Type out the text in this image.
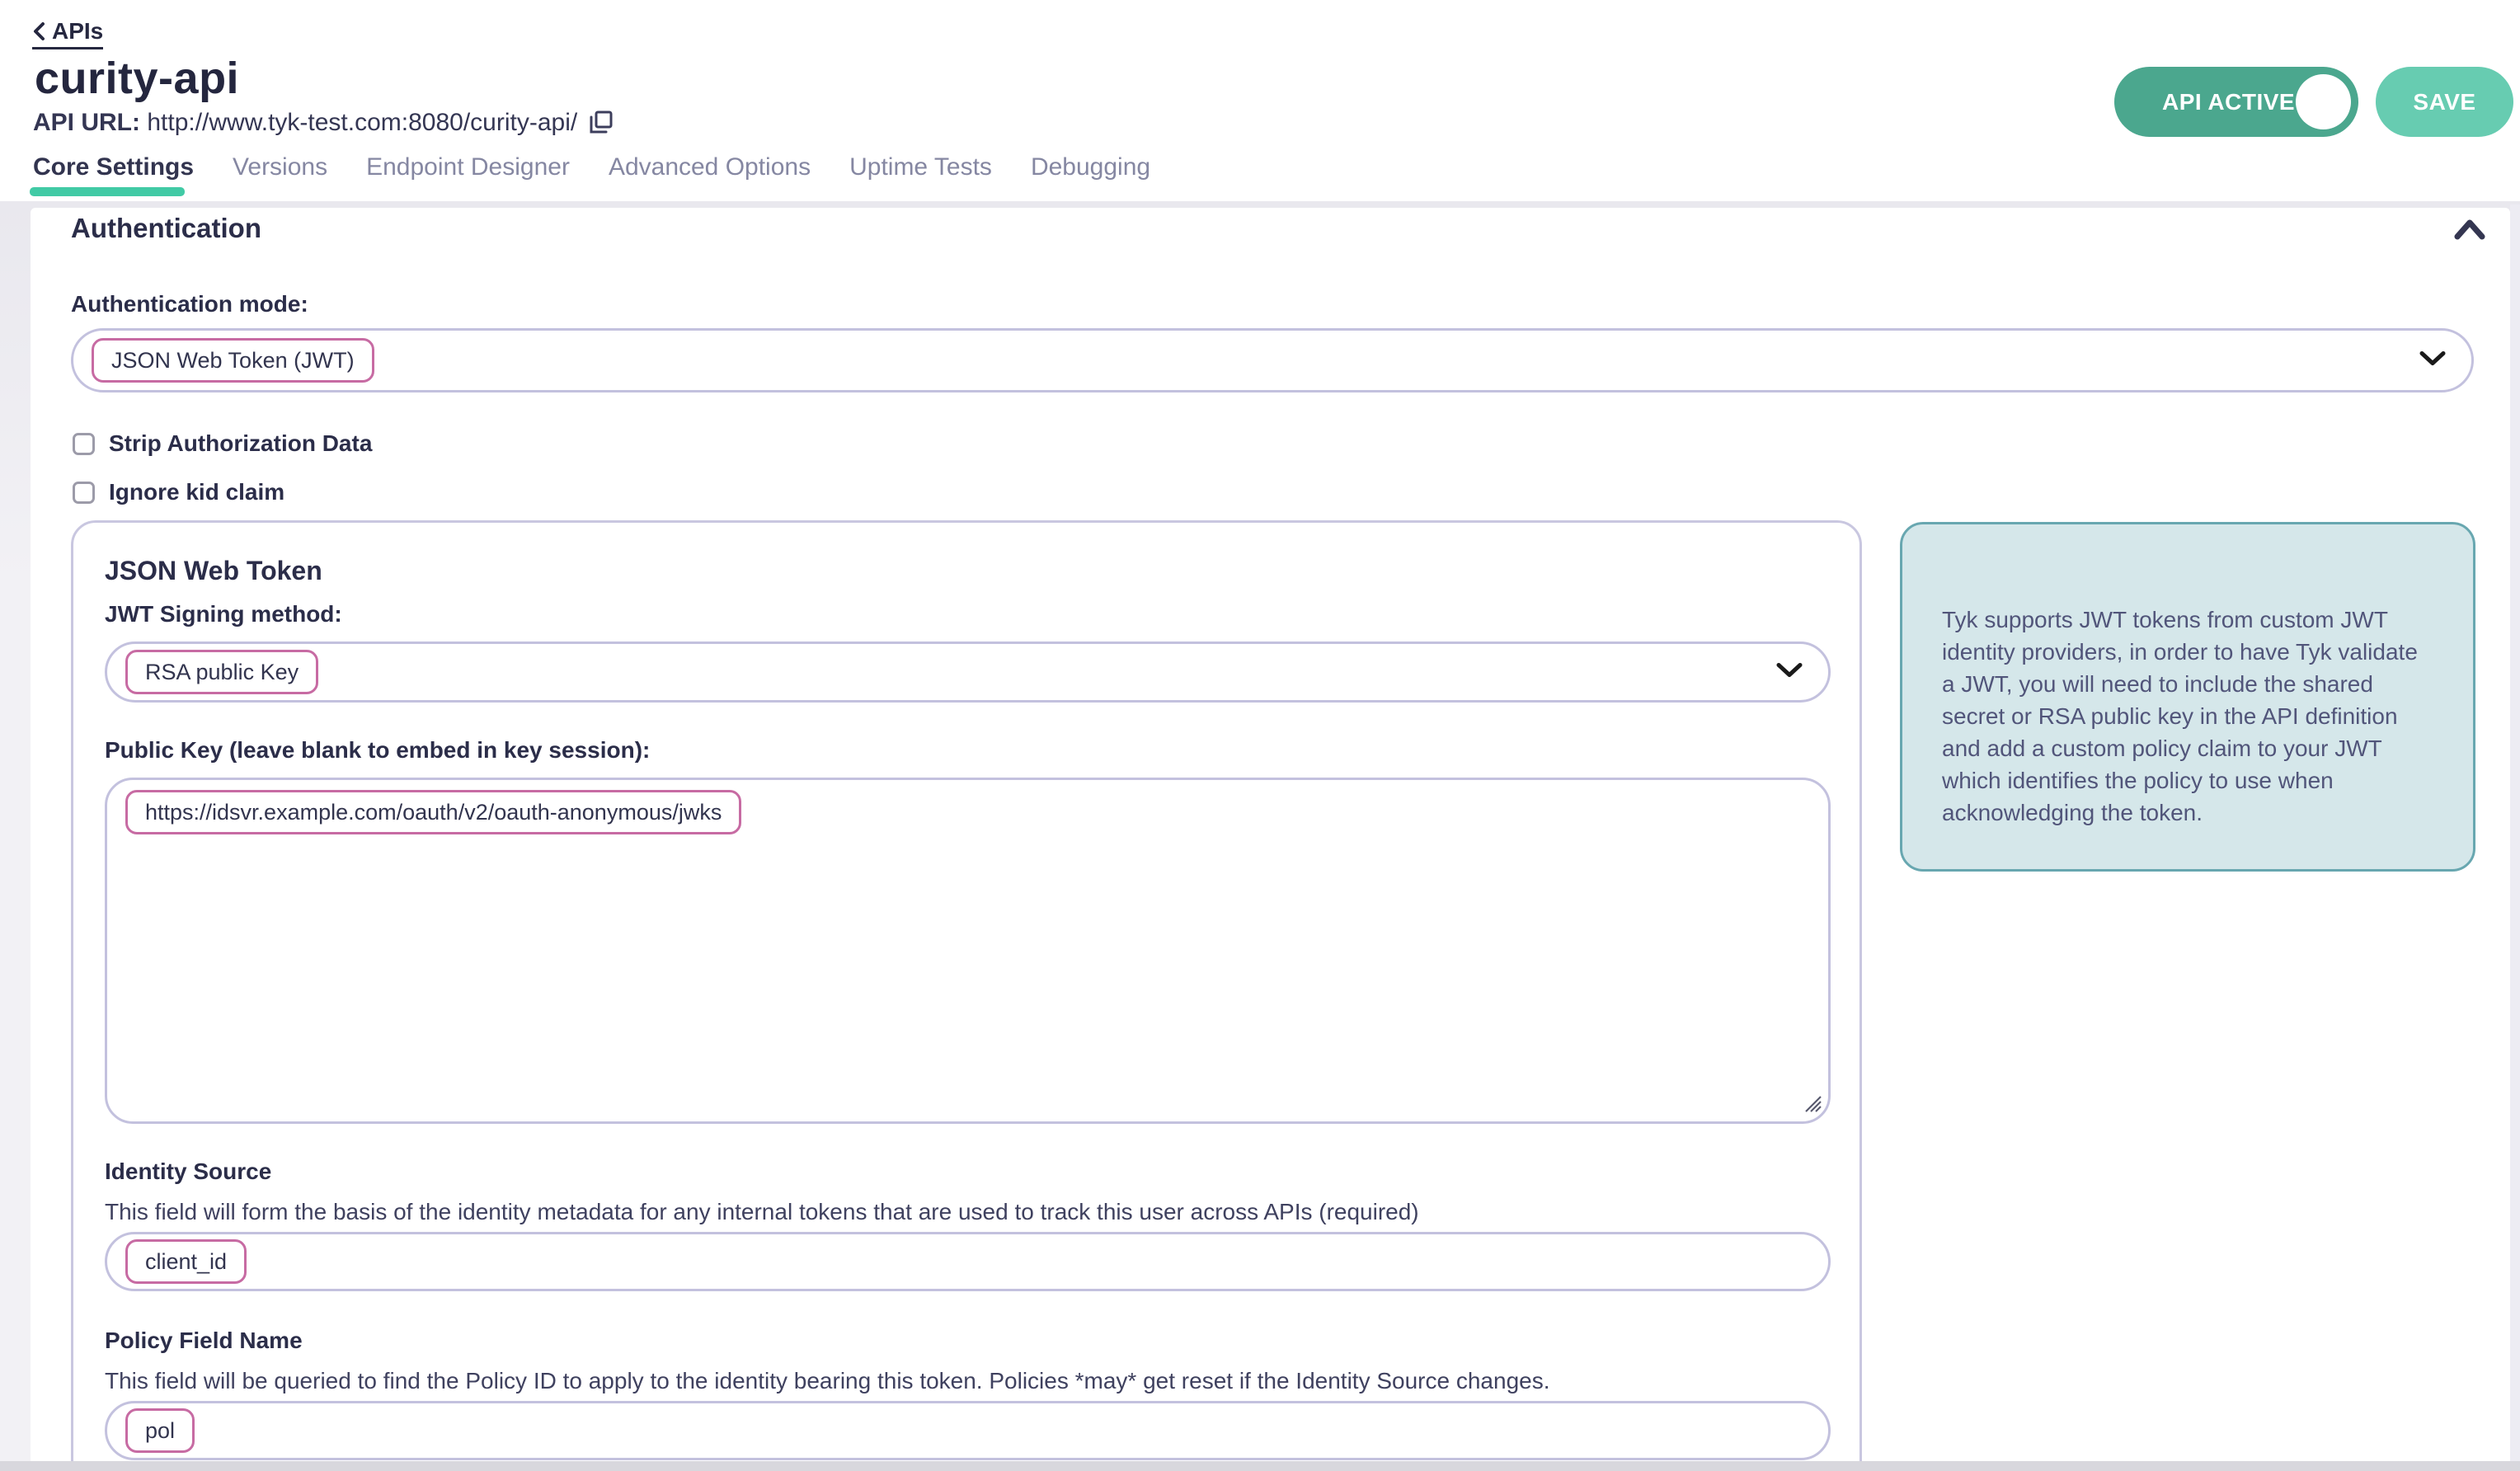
APIs
curity-api
API URL: http://www.tyk-test.com:8080/curity-api/
API ACTIVE	SAVE
Core Settings Versions Endpoint Designer Advanced Options Uptime Tests Debugging
Authentication
Authentication mode:
JSON Web Token (JWT)
Strip Authorization Data
Ignore kid claim
JSON Web Token
JWT Signing method:
RSA public Key
Public Key (leave blank to embed in key session):
https://idsvr.example.com/oauth/v2/oauth-anonymous/jwks
Identity Source

This field will form the basis of the identity metadata for any internal tokens that are used to track this user across APIs (required)

client_id
Policy Field Name

This field will be queried to find the Policy ID to apply to the identity bearing this token. Policies *may* get reset if the Identity Source changes.

pol

Tyk supports JWT tokens from custom JWT identity providers, in order to have Tyk validate a JWT, you will need to include the shared secret or RSA public key in the API definition and add a custom policy claim to your JWT which identifies the policy to use when acknowledging the token.
